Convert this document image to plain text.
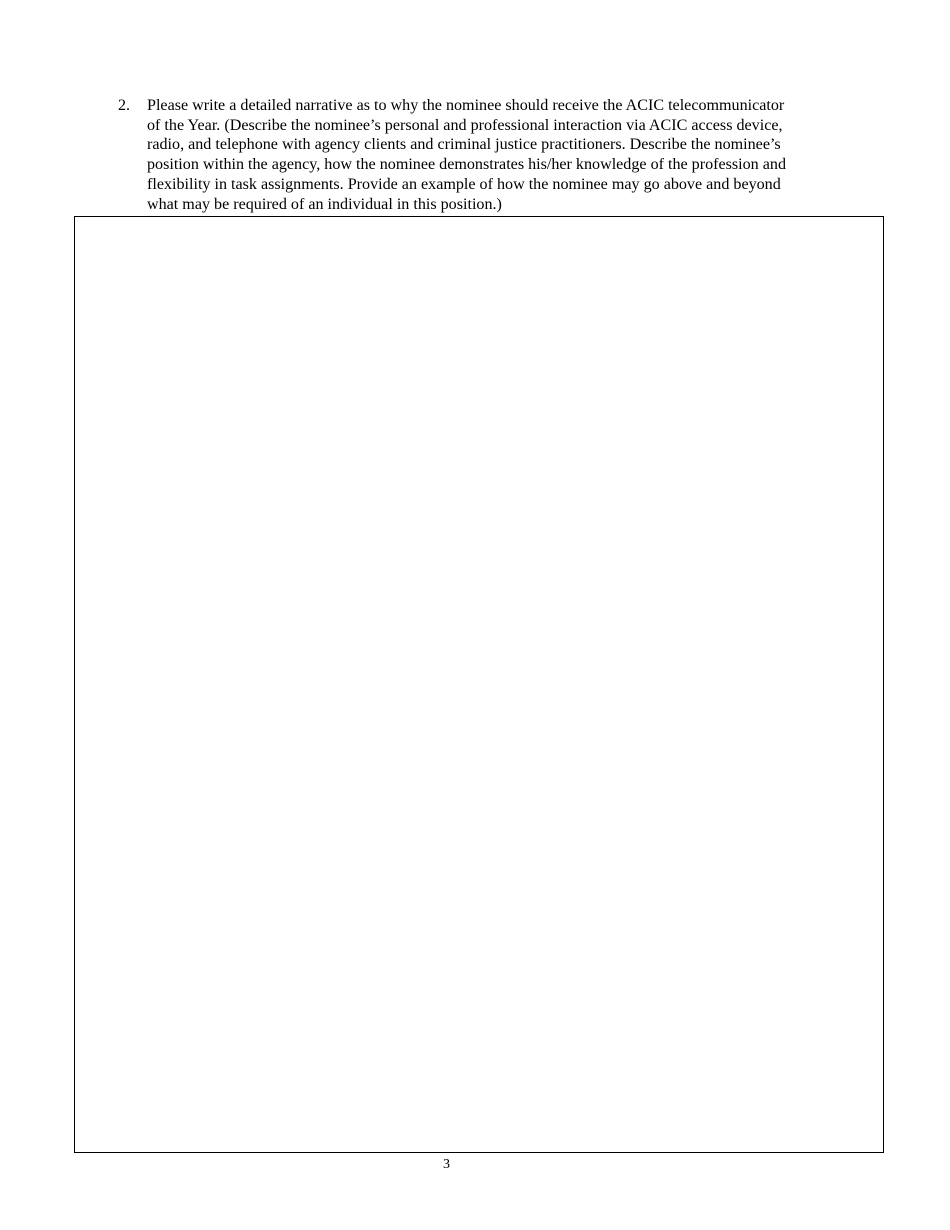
2. Please write a detailed narrative as to why the nominee should receive the ACIC telecommunicator
of the Year. (Describe the nominee’s personal and professional interaction via ACIC access device,
radio, and telephone with agency clients and criminal justice practitioners. Describe the nominee’s
position within the agency, how the nominee demonstrates his/her knowledge of the profession and
flexibility in task assignments. Provide an example of how the nominee may go above and beyond
what may be required of an individual in this position.)
3
